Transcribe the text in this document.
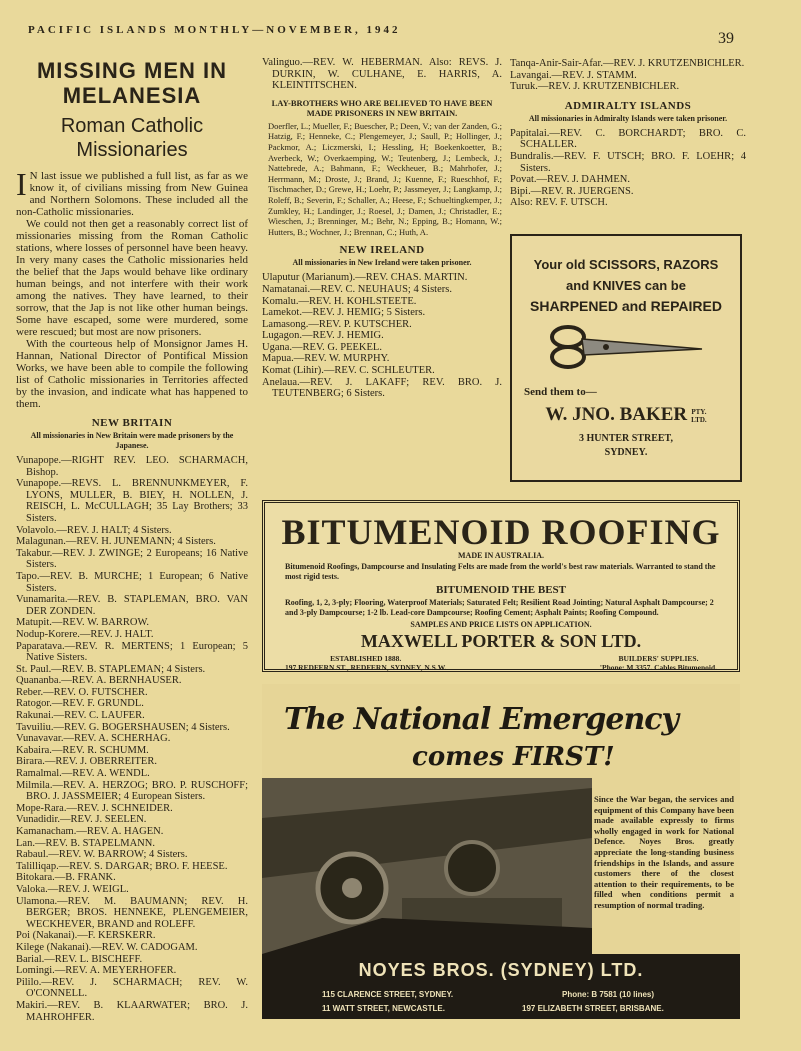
PACIFIC ISLANDS MONTHLY—NOVEMBER, 1942	39
MISSING MEN IN
MELANESIA
Roman Catholic
Missionaries

IN last issue we published a full list, as far as we know it, of civilians missing from New Guinea and Northern Solomons. These included all the non-Catholic missionaries.

We could not then get a reasonably correct list of missionaries missing from the Roman Catholic stations, where losses of personnel have been heavy. In very many cases the Catholic missionaries held the belief that the Japs would behave like ordinary human beings, and not interfere with their work among the natives. They have learned, to their sorrow, that the Jap is not like other human beings. Some have escaped, some were murdered, some were rescued; but most are now prisoners.

With the courteous help of Monsignor James H. Hannan, National Director of Pontifical Mission Works, we have been able to compile the following list of Catholic missionaries in Territories affected by the invasion, and indicate what has happened to them.

NEW BRITAIN
All missionaries in New Britain were made prisoners by the Japanese.

Vunapope.—RIGHT REV. LEO. SCHARMACH, Bishop.

Vunapope.—REVS. L. BRENNUNKMEYER, F. LYONS, MULLER, B. BIEY, H. NOLLEN, J. REISCH, L. McCULLAGH; 35 Lay Brothers; 33 Sisters.

Volavolo.—REV. J. HALT; 4 Sisters.

Malagunan.—REV. H. JUNEMANN; 4 Sisters.

Takabur.—REV. J. ZWINGE; 2 Europeans; 16 Native Sisters.

Tapo.—REV. B. MURCHE; 1 European; 6 Native Sisters.

Vunamarita.—REV. B. STAPLEMAN, BRO. VAN DER ZONDEN.

Matupit.—REV. W. BARROW.

Nodup-Korere.—REV. J. HALT.

Paparatava.—REV. R. MERTENS; 1 European; 5 Native Sisters.

St. Paul.—REV. B. STAPLEMAN; 4 Sisters.

Quananba.—REV. A. BERNHAUSER.

Reber.—REV. O. FUTSCHER.

Ratogor.—REV. F. GRUNDL.

Rakunai.—REV. C. LAUFER.

Tavuiliu.—REV. G. BOGERSHAUSEN; 4 Sisters.

Vunavavar.—REV. A. SCHERHAG.

Kabaira.—REV. R. SCHUMM.

Birara.—REV. J. OBERREITER.

Ramalmal.—REV. A. WENDL.

Milmila.—REV. A. HERZOG; BRO. P. RUSCHOFF; BRO. J. JASSMEIER; 4 European Sisters.

Mope-Rara.—REV. J. SCHNEIDER.

Vunadidir.—REV. J. SEELEN.

Kamanacham.—REV. A. HAGEN.

Lan.—REV. B. STAPELMANN.

Rabaul.—REV. W. BARROW; 4 Sisters.

Talilliqap.—REV. S. DARGAR; BRO. F. HEESE.

Bitokara.—B. FRANK.

Valoka.—REV. J. WEIGL.

Ulamona.—REV. M. BAUMANN; REV. H. BERGER; BROS. HENNEKE, PLENGEMEIER, WECKHEVER, BRAND and ROLEFF.

Poi (Nakanai).—F. KERSKERR.

Kilege (Nakanai).—REV. W. CADOGAM.

Barial.—REV. L. BISCHEFF.

Lomingi.—REV. A. MEYERHOFER.

Pililo.—REV. J. SCHARMACH; REV. W. O'CONNELL.

Makiri.—REV. B. KLAARWATER; BRO. J. MAHROHFER.

Valinguo.—REV. W. HEBERMAN. Also: REVS. J. DURKIN, W. CULHANE, E. HARRIS, A. KLEINTITSCHEN.

LAY-BROTHERS WHO ARE BELIEVED TO HAVE BEEN MADE PRISONERS IN NEW BRITAIN.

Doerfler, L.; Mueller, F.; Buescher, P.; Deen, V.; van der Zanden, G.; Hatzig, F.; Henneke, C.; Plengemeyer, J.; Saull, P.; Hollinger, J.; Packmor, A.; Liczmerski, I.; Hessling, H; Boekenkoetter, B.; Averbeck, W.; Overkaemping, W.; Teutenberg, J.; Lembeck, J.; Nattebrede, A.; Bahmann, F.; Weckheuer, B.; Mahrhofer, J.; Herrmann, M.; Droste, J.; Brand, J.; Kuenne, F.; Rueschhof, F.; Tischmacher, D.; Grewe, H.; Loehr, P.; Jassmeyer, J.; Langkamp, J.; Roleff, B.; Severin, F.; Schaller, A.; Heese, F.; Schueltingkemper, J.; Zumkley, H.; Landinger, J.; Roesel, J.; Damen, J.; Christadler, E.; Wieschen, J.; Brenninger, M.; Behr, N.; Epping, B.; Homann, W.; Hutters, B.; Wochner, J.; Brennan, C.; Huth, A.

NEW IRELAND
All missionaries in New Ireland were taken prisoner.

Ulaputur (Marianum).—REV. CHAS. MARTIN.

Namatanai.—REV. C. NEUHAUS; 4 Sisters.

Komalu.—REV. H. KOHLSTEETE.

Lamekot.—REV. J. HEMIG; 5 Sisters.

Lamasong.—REV. P. KUTSCHER.

Lugagon.—REV. J. HEMIG.

Ugana.—REV. G. PEEKEL.

Mapua.—REV. W. MURPHY.

Komat (Lihir).—REV. C. SCHLEUTER.

Anelaua.—REV. J. LAKAFF; REV. BRO. J. TEUTENBERG; 6 Sisters.

Tanqa-Anir-Sair-Afar.—REV. J. KRUTZENBICHLER.

Lavangai.—REV. J. STAMM.

Turuk.—REV. J. KRUTZENBICHLER.

ADMIRALTY ISLANDS
All missionaries in Admiralty Islands were taken prisoner.

Papitalai.—REV. C. BORCHARDT; BRO. C. SCHALLER.

Bundralis.—REV. F. UTSCH; BRO. F. LOEHR; 4 Sisters.

Povat.—REV. J. DAHMEN.

Bipi.—REV. R. JUERGENS.

Also: REV. F. UTSCH.

Your old SCISSORS, RAZORS
and KNIVES can be
SHARPENED and REPAIRED
Send them to—
W. JNO. BAKER PTY.
LTD.
3 HUNTER STREET,
SYDNEY.
BITUMENOID ROOFING
MADE IN AUSTRALIA.
Bitumenoid Roofings, Dampcourse and Insulating Felts are made from the world's best raw materials. Warranted to stand the most rigid tests.
BITUMENOID THE BEST
Roofing, 1, 2, 3-ply; Flooring, Waterproof Materials; Saturated Felt; Resilient Road Jointing; Natural Asphalt Dampcourse; 2 and 3-ply Dampcourse; 1-2 lb. Lead-core Dampcourse; Roofing Cement; Asphalt Paints; Roofing Compound.
SAMPLES AND PRICE LISTS ON APPLICATION.
MAXWELL PORTER & SON LTD.
ESTABLISHED 1888.
197 REDFERN ST., REDFERN, SYDNEY, N.S.W.
BUILDERS' SUPPLIES.
'Phone: M 3357. Cables Bitumenoid.
The National Emergency
comes FIRST!
Since the War began, the services and equipment of this Company have been made available expressly to firms wholly engaged in work for National Defence. Noyes Bros. greatly appreciate the long-standing business friendships in the Islands, and assure customers there of the closest attention to their requirements, to be filled when conditions permit a resumption of normal trading.
NOYES BROS. (SYDNEY) LTD.
115 CLARENCE STREET, SYDNEY.
11 WATT STREET, NEWCASTLE.
Phone: B 7581 (10 lines)
197 ELIZABETH STREET, BRISBANE.
